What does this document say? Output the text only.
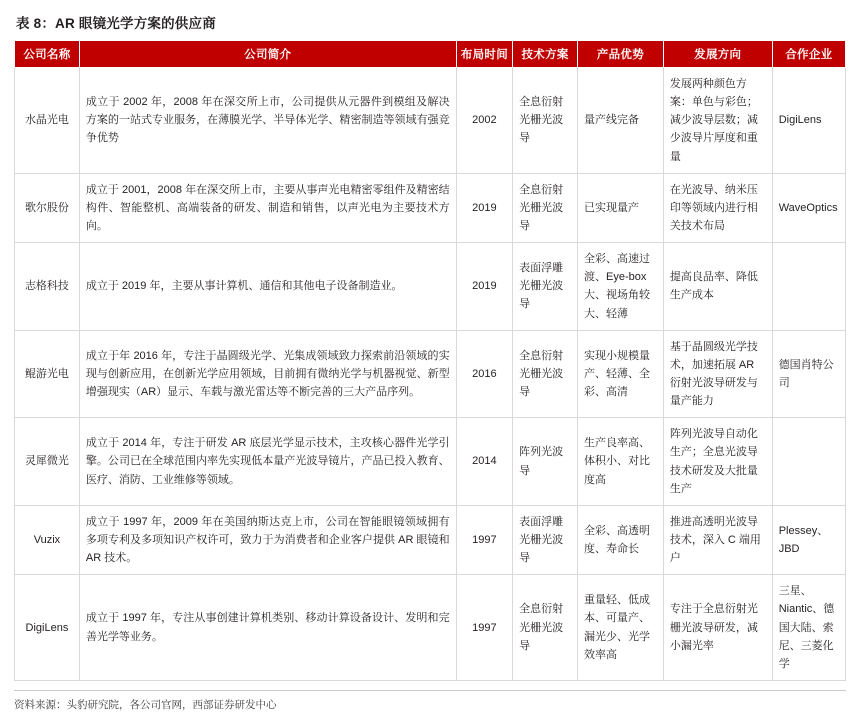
表 8：AR 眼镜光学方案的供应商
公司名称	公司简介	布局时间	技术方案	产品优势	发展方向	合作企业
水晶光电	成立于 2002 年，2008 年在深交所上市，公司提供从元器件到模组及解决方案的一站式专业服务，在薄膜光学、半导体光学、精密制造等领域有强竞争优势	2002	全息衍射光栅光波导	量产线完备	发展两种颜色方案：单色与彩色；减少波导层数；减少波导片厚度和重量	DigiLens
歌尔股份	成立于 2001，2008 年在深交所上市，主要从事声光电精密零组件及精密结构件、智能整机、高端装备的研发、制造和销售，以声光电为主要技术方向。	2019	全息衍射光栅光波导	已实现量产	在光波导、纳米压印等领域内进行相关技术布局	WaveOptics
志格科技	成立于 2019 年，主要从事计算机、通信和其他电子设备制造业。	2019	表面浮雕光栅光波导	全彩、高速过渡、Eye-box 大、视场角较大、轻薄	提高良品率、降低生产成本	
鲲游光电	成立于年 2016 年，专注于晶圆级光学、光集成领域致力探索前沿领域的实现与创新应用，在创新光学应用领域，目前拥有微纳光学与机器视觉、新型增强现实（AR）显示、车载与激光雷达等不断完善的三大产品序列。	2016	全息衍射光栅光波导	实现小规模量产、轻薄、全彩、高清	基于晶圆级光学技术，加速拓展 AR 衍射光波导研发与量产能力	德国肖特公司
灵犀微光	成立于 2014 年，专注于研发 AR 底层光学显示技术，主攻核心器件光学引擎。公司已在全球范围内率先实现低本量产光波导镜片，产品已投入教育、医疗、消防、工业维修等领域。	2014	阵列光波导	生产良率高、体积小、对比度高	阵列光波导自动化生产；全息光波导技术研发及大批量生产	
Vuzix	成立于 1997 年，2009 年在美国纳斯达克上市，公司在智能眼镜领域拥有多项专利及多项知识产权许可，致力于为消费者和企业客户提供 AR 眼镜和 AR 技术。	1997	表面浮雕光栅光波导	全彩、高透明度、寿命长	推进高透明光波导技术，深入 C 端用户	Plessey、JBD
DigiLens	成立于 1997 年，专注从事创建计算机类别、移动计算设备设计、发明和完善光学等业务。	1997	全息衍射光栅光波导	重量轻、低成本、可量产、漏光少、光学效率高	专注于全息衍射光栅光波导研发，减小漏光率	三星、Niantic、德国大陆、索尼、三菱化学
资料来源：头豹研究院，各公司官网，西部证券研发中心
